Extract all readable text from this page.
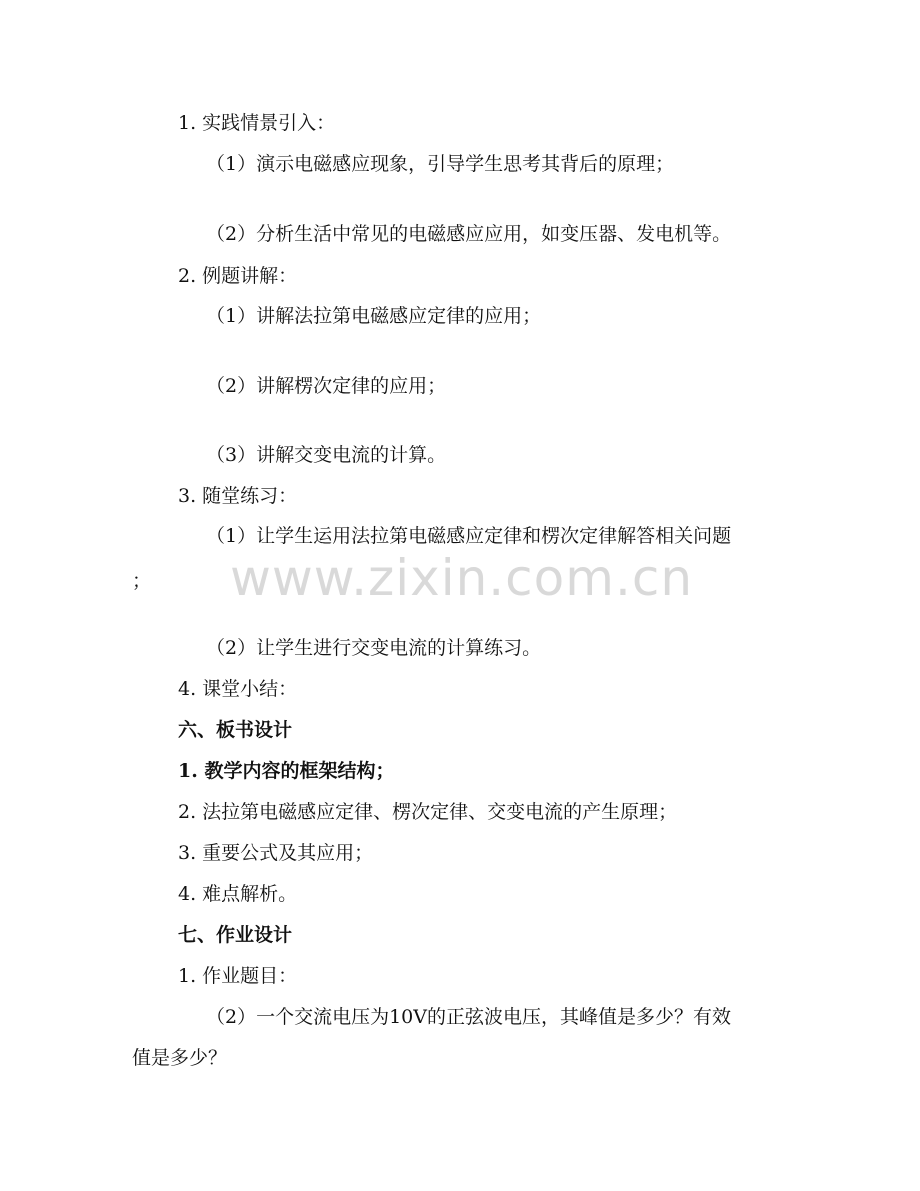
www.zixin.com.cn
1. 实践情景引入：
（1）演示电磁感应现象，引导学生思考其背后的原理；
（2）分析生活中常见的电磁感应应用，如变压器、发电机等。
2. 例题讲解：
（1）讲解法拉第电磁感应定律的应用；
（2）讲解楞次定律的应用；
（3）讲解交变电流的计算。
3. 随堂练习：
（1）让学生运用法拉第电磁感应定律和楞次定律解答相关问题
；
（2）让学生进行交变电流的计算练习。
4. 课堂小结：
六、板书设计
1. 教学内容的框架结构；
2. 法拉第电磁感应定律、楞次定律、交变电流的产生原理；
3. 重要公式及其应用；
4. 难点解析。
七、作业设计
1. 作业题目：
（2）一个交流电压为10V的正弦波电压，其峰值是多少？有效
值是多少？
